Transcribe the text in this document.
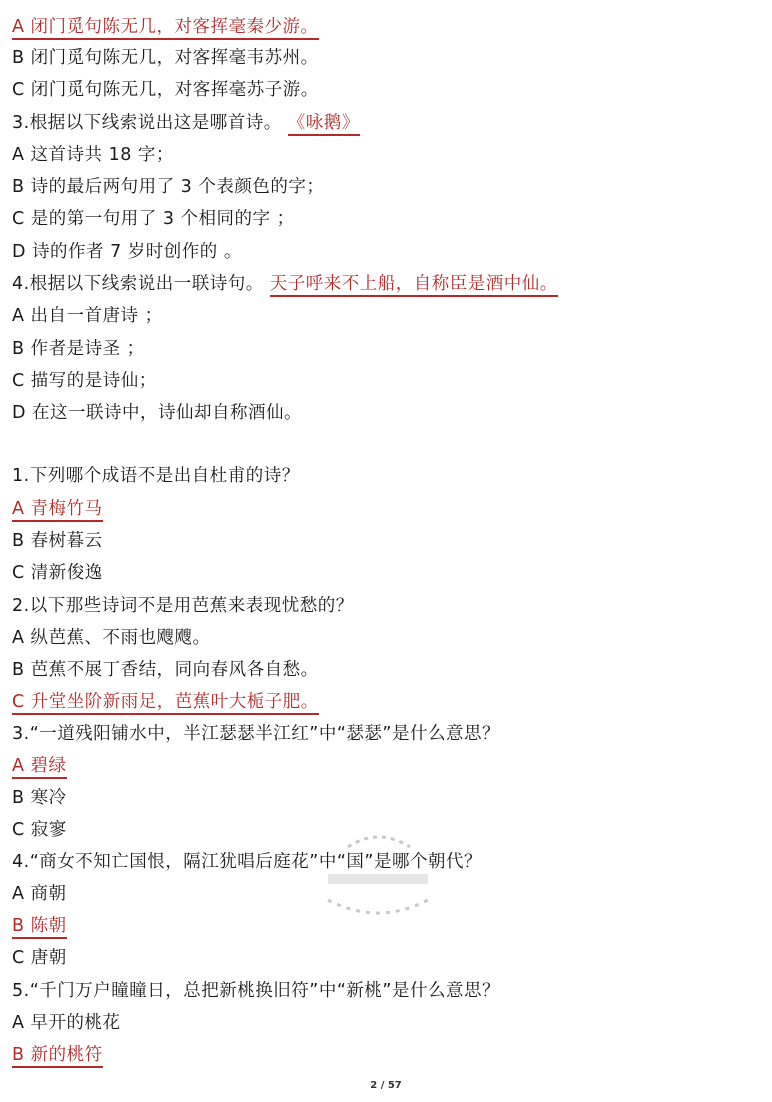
A 闭门觅句陈无几，对客挥毫秦少游。
B 闭门觅句陈无几，对客挥毫韦苏州。
C 闭门觅句陈无几，对客挥毫苏子游。
3.根据以下线索说出这是哪首诗。 《咏鹅》
A 这首诗共 18 字；
B 诗的最后两句用了 3 个表颜色的字；
C 是的第一句用了 3 个相同的字 ；
D 诗的作者 7 岁时创作的 。
4.根据以下线索说出一联诗句。 天子呼来不上船，自称臣是酒中仙。
A 出自一首唐诗 ；
B 作者是诗圣 ；
C 描写的是诗仙；
D 在这一联诗中，诗仙却自称酒仙。
1.下列哪个成语不是出自杜甫的诗？
A 青梅竹马
B 春树暮云
C 清新俊逸
2.以下那些诗词不是用芭蕉来表现忧愁的？
A 纵芭蕉、不雨也飕飕。
B 芭蕉不展丁香结，同向春风各自愁。
C 升堂坐阶新雨足，芭蕉叶大栀子肥。
3.“一道残阳铺水中，半江瑟瑟半江红”中“瑟瑟”是什么意思？
A 碧绿
B 寒冷
C 寂寥
4.“商女不知亡国恨，隔江犹唱后庭花”中“国”是哪个朝代？
A 商朝
B 陈朝
C 唐朝
5.“千门万户瞳瞳日，总把新桃换旧符”中“新桃”是什么意思？
A 早开的桃花
B 新的桃符
2 / 57
